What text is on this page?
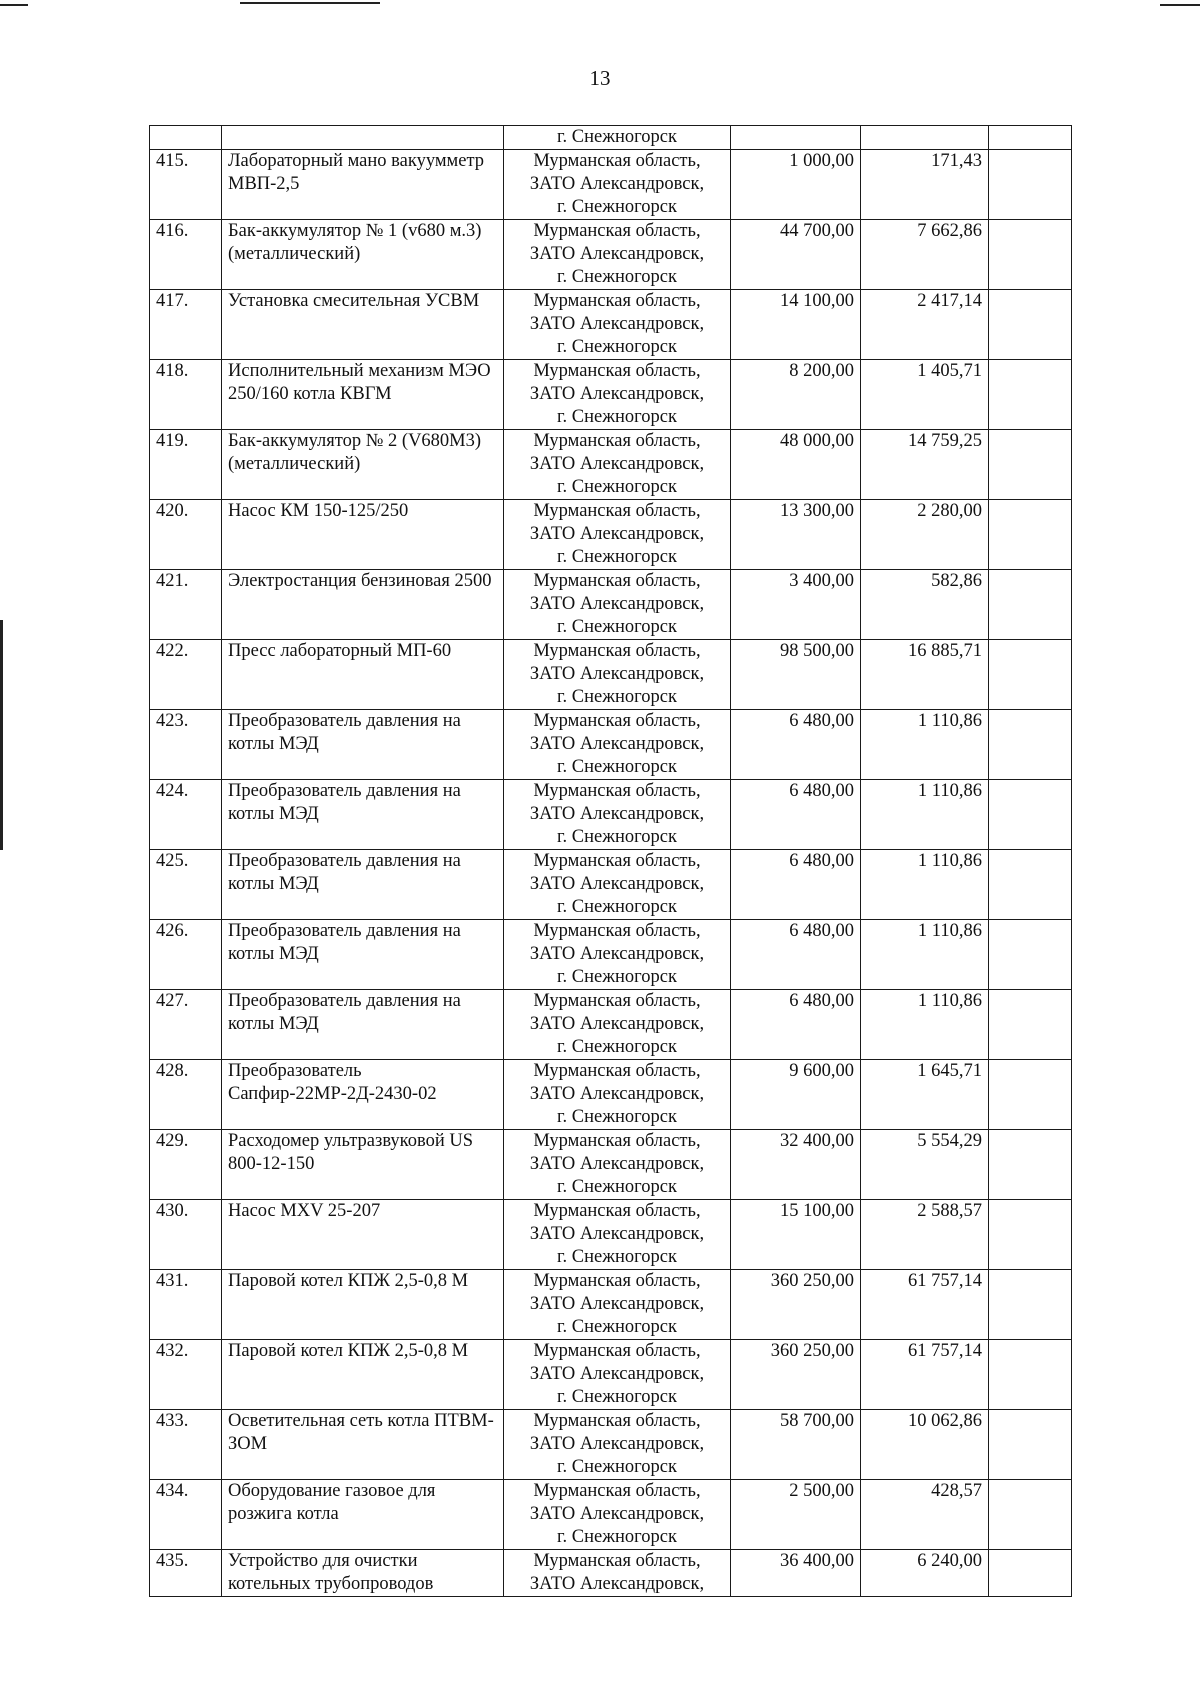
13
		г. Снежногорск			
415.	Лабораторный мано вакуумметр МВП-2,5	Мурманская область,
ЗАТО Александровск,
г. Снежногорск	1 000,00	171,43	
416.	Бак-аккумулятор № 1 (v680 м.3) (металлический)	Мурманская область,
ЗАТО Александровск,
г. Снежногорск	44 700,00	7 662,86	
417.	Установка смесительная УСВМ	Мурманская область,
ЗАТО Александровск,
г. Снежногорск	14 100,00	2 417,14	
418.	Исполнительный механизм МЭО 250/160 котла КВГМ	Мурманская область,
ЗАТО Александровск,
г. Снежногорск	8 200,00	1 405,71	
419.	Бак-аккумулятор № 2 (V680М3) (металлический)	Мурманская область,
ЗАТО Александровск,
г. Снежногорск	48 000,00	14 759,25	
420.	Насос КМ 150-125/250	Мурманская область,
ЗАТО Александровск,
г. Снежногорск	13 300,00	2 280,00	
421.	Электростанция бензиновая 2500	Мурманская область,
ЗАТО Александровск,
г. Снежногорск	3 400,00	582,86	
422.	Пресс лабораторный МП-60	Мурманская область,
ЗАТО Александровск,
г. Снежногорск	98 500,00	16 885,71	
423.	Преобразователь давления на котлы МЭД	Мурманская область,
ЗАТО Александровск,
г. Снежногорск	6 480,00	1 110,86	
424.	Преобразователь давления на котлы МЭД	Мурманская область,
ЗАТО Александровск,
г. Снежногорск	6 480,00	1 110,86	
425.	Преобразователь давления на котлы МЭД	Мурманская область,
ЗАТО Александровск,
г. Снежногорск	6 480,00	1 110,86	
426.	Преобразователь давления на котлы МЭД	Мурманская область,
ЗАТО Александровск,
г. Снежногорск	6 480,00	1 110,86	
427.	Преобразователь давления на котлы МЭД	Мурманская область,
ЗАТО Александровск,
г. Снежногорск	6 480,00	1 110,86	
428.	Преобразователь Сапфир-22МР-2Д-2430-02	Мурманская область,
ЗАТО Александровск,
г. Снежногорск	9 600,00	1 645,71	
429.	Расходомер ультразвуковой US 800-12-150	Мурманская область,
ЗАТО Александровск,
г. Снежногорск	32 400,00	5 554,29	
430.	Насос MXV 25-207	Мурманская область,
ЗАТО Александровск,
г. Снежногорск	15 100,00	2 588,57	
431.	Паровой котел КПЖ 2,5-0,8 М	Мурманская область,
ЗАТО Александровск,
г. Снежногорск	360 250,00	61 757,14	
432.	Паровой котел КПЖ 2,5-0,8 М	Мурманская область,
ЗАТО Александровск,
г. Снежногорск	360 250,00	61 757,14	
433.	Осветительная сеть котла ПТВМ-ЗОМ	Мурманская область,
ЗАТО Александровск,
г. Снежногорск	58 700,00	10 062,86	
434.	Оборудование газовое для розжига котла	Мурманская область,
ЗАТО Александровск,
г. Снежногорск	2 500,00	428,57	
435.	Устройство для очистки котельных трубопроводов	Мурманская область,
ЗАТО Александровск,	36 400,00	6 240,00	
